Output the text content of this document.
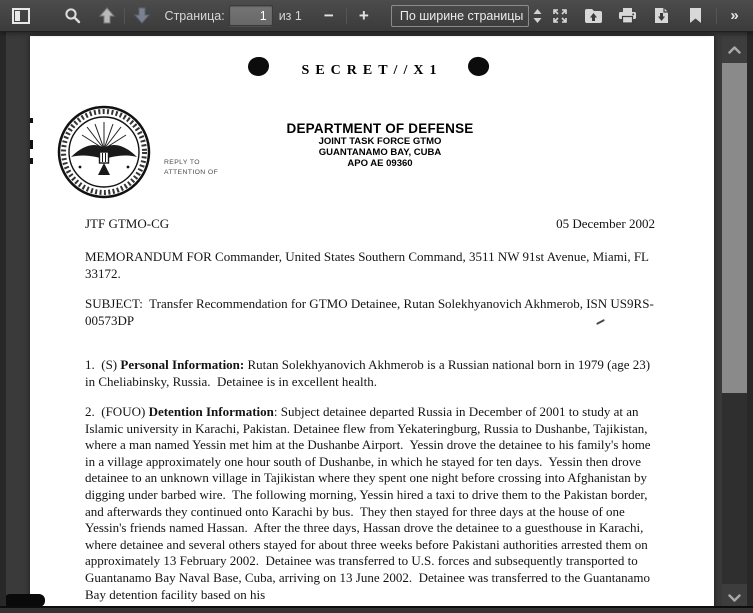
Страница:
1	из 1 − + По ширине страницы	»
SECRET//X1
REPLY TO
ATTENTION OF
DEPARTMENT OF DEFENSE
JOINT TASK FORCE GTMO
GUANTANAMO BAY, CUBA
APO AE 09360
JTF GTMO-CG	05 December 2002

MEMORANDUM FOR Commander, United States Southern Command, 3511 NW 91st Avenue, Miami, FL 33172.

SUBJECT:  Transfer Recommendation for GTMO Detainee, Rutan Solekhyanovich Akhmerob, ISN US9RS-00573DP

1.  (S) Personal Information: Rutan Solekhyanovich Akhmerob is a Russian national born in 1979 (age 23) in Cheliabinsky, Russia.  Detainee is in excellent health.

2.  (FOUO) Detention Information: Subject detainee departed Russia in December of 2001 to study at an Islamic university in Karachi, Pakistan. Detainee flew from Yekateringburg, Russia to Dushanbe, Tajikistan, where a man named Yessin met him at the Dushanbe Airport.  Yessin drove the detainee to his family's home in a village approximately one hour south of Dushanbe, in which he stayed for ten days.  Yessin then drove detainee to an unknown village in Tajikistan where they spent one night before crossing into Afghanistan by digging under barbed wire.  The following morning, Yessin hired a taxi to drive them to the Pakistan border, and afterwards they continued onto Karachi by bus.  They then stayed for three days at the house of one Yessin's friends named Hassan.  After the three days, Hassan drove the detainee to a guesthouse in Karachi, where detainee and several others stayed for about three weeks before Pakistani authorities arrested them on approximately 13 February 2002.  Detainee was transferred to U.S. forces and subsequently transported to Guantanamo Bay Naval Base, Cuba, arriving on 13 June 2002.  Detainee was transferred to the Guantanamo Bay detention facility based on his
